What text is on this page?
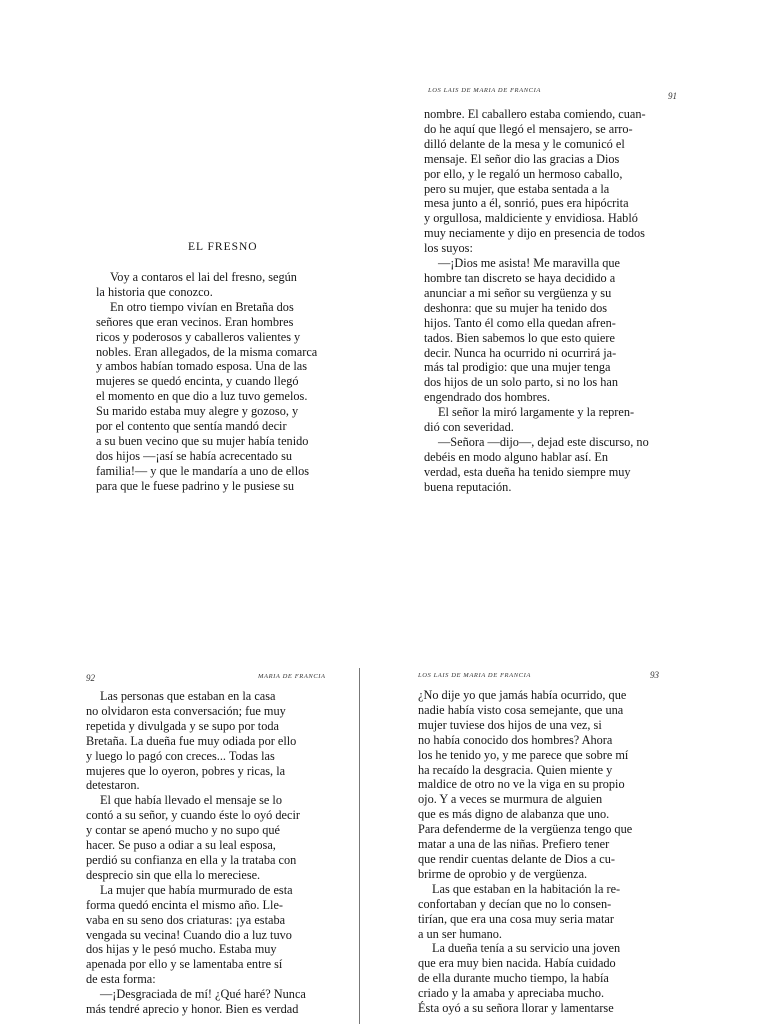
EL FRESNO

Voy a contaros el lai del fresno, según

la historia que conozco.

En otro tiempo vivían en Bretaña dos

señores que eran vecinos. Eran hombres

ricos y poderosos y caballeros valientes y

nobles. Eran allegados, de la misma comarca

y ambos habían tomado esposa. Una de las

mujeres se quedó encinta, y cuando llegó

el momento en que dio a luz tuvo gemelos.

Su marido estaba muy alegre y gozoso, y

por el contento que sentía mandó decir

a su buen vecino que su mujer había tenido

dos hijos —¡así se había acrecentado su

familia!— y que le mandaría a uno de ellos

para que le fuese padrino y le pusiese su

LOS LAIS DE MARIA DE FRANCIA
91

nombre. El caballero estaba comiendo, cuan-

do he aquí que llegó el mensajero, se arro-

dilló delante de la mesa y le comunicó el

mensaje. El señor dio las gracias a Dios

por ello, y le regaló un hermoso caballo,

pero su mujer, que estaba sentada a la

mesa junto a él, sonrió, pues era hipócrita

y orgullosa, maldiciente y envidiosa. Habló

muy neciamente y dijo en presencia de todos

los suyos:

—¡Dios me asista! Me maravilla que

hombre tan discreto se haya decidido a

anunciar a mi señor su vergüenza y su

deshonra: que su mujer ha tenido dos

hijos. Tanto él como ella quedan afren-

tados. Bien sabemos lo que esto quiere

decir. Nunca ha ocurrido ni ocurrirá ja-

más tal prodigio: que una mujer tenga

dos hijos de un solo parto, si no los han

engendrado dos hombres.

El señor la miró largamente y la repren-

dió con severidad.

—Señora —dijo—, dejad este discurso, no

debéis en modo alguno hablar así. En

verdad, esta dueña ha tenido siempre muy

buena reputación.

92	MARIA DE FRANCIA

Las personas que estaban en la casa

no olvidaron esta conversación; fue muy

repetida y divulgada y se supo por toda

Bretaña. La dueña fue muy odiada por ello

y luego lo pagó con creces... Todas las

mujeres que lo oyeron, pobres y ricas, la

detestaron.

El que había llevado el mensaje se lo

contó a su señor, y cuando éste lo oyó decir

y contar se apenó mucho y no supo qué

hacer. Se puso a odiar a su leal esposa,

perdió su confianza en ella y la trataba con

desprecio sin que ella lo mereciese.

La mujer que había murmurado de esta

forma quedó encinta el mismo año. Lle-

vaba en su seno dos criaturas: ¡ya estaba

vengada su vecina! Cuando dio a luz tuvo

dos hijas y le pesó mucho. Estaba muy

apenada por ello y se lamentaba entre sí

de esta forma:

—¡Desgraciada de mí! ¿Qué haré? Nunca

más tendré aprecio y honor. Bien es verdad

LOS LAIS DE MARIA DE FRANCIA	93

¿No dije yo que jamás había ocurrido, que

nadie había visto cosa semejante, que una

mujer tuviese dos hijos de una vez, si

no había conocido dos hombres? Ahora

los he tenido yo, y me parece que sobre mí

ha recaído la desgracia. Quien miente y

maldice de otro no ve la viga en su propio

ojo. Y a veces se murmura de alguien

que es más digno de alabanza que uno.

Para defenderme de la vergüenza tengo que

matar a una de las niñas. Prefiero tener

que rendir cuentas delante de Dios a cu-

brirme de oprobio y de vergüenza.

Las que estaban en la habitación la re-

confortaban y decían que no lo consen-

tirían, que era una cosa muy seria matar

a un ser humano.

La dueña tenía a su servicio una joven

que era muy bien nacida. Había cuidado

de ella durante mucho tiempo, la había

criado y la amaba y apreciaba mucho.

Ésta oyó a su señora llorar y lamentarse
